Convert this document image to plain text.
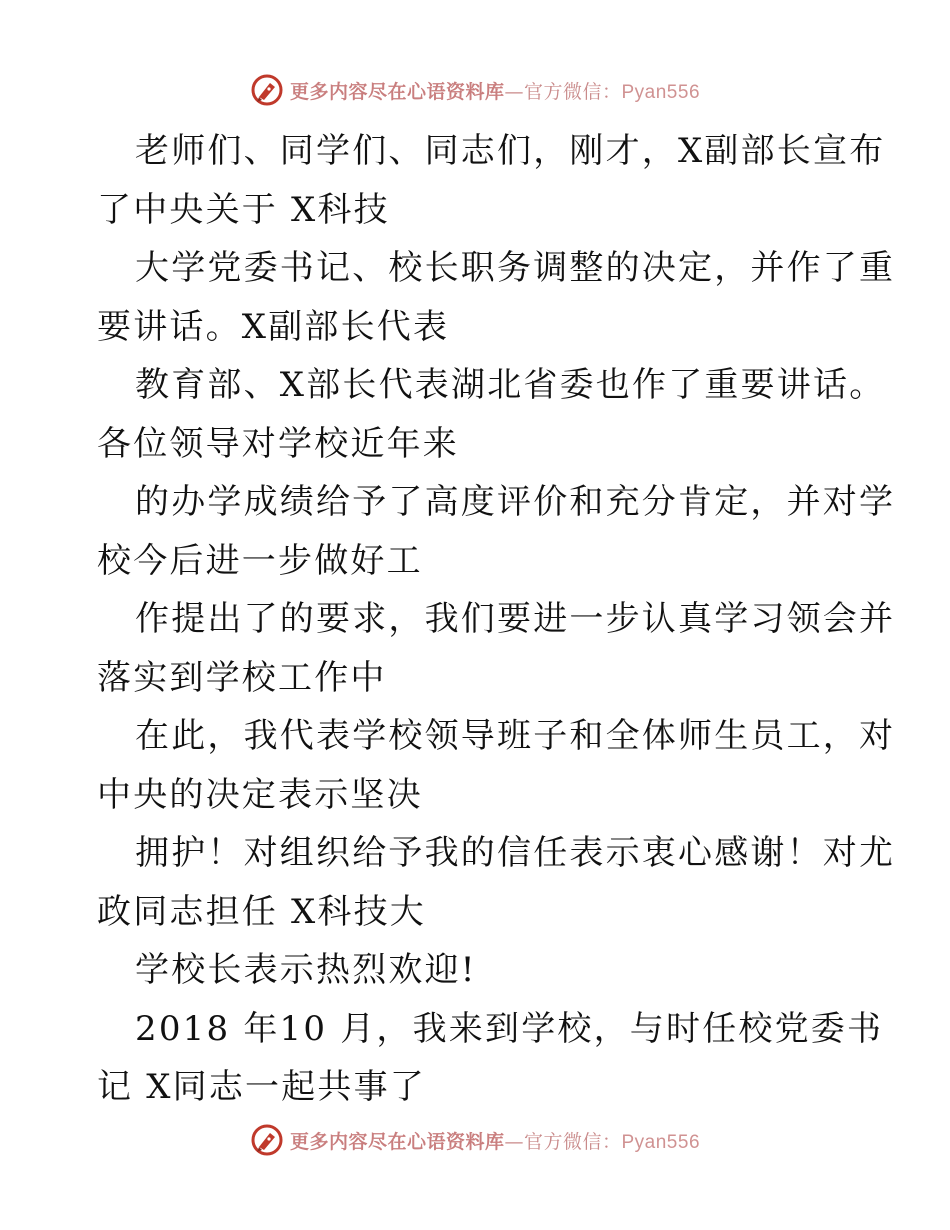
更多内容尽在心语资料库—官方微信：Pyan556
老师们、同学们、同志们，刚才，X副部长宣布
了中央关于 X科技
大学党委书记、校长职务调整的决定，并作了重
要讲话。X副部长代表
教育部、X部长代表湖北省委也作了重要讲话。
各位领导对学校近年来
的办学成绩给予了高度评价和充分肯定，并对学
校今后进一步做好工
作提出了的要求，我们要进一步认真学习领会并
落实到学校工作中
在此，我代表学校领导班子和全体师生员工，对
中央的决定表示坚决
拥护！对组织给予我的信任表示衷心感谢！对尤
政同志担任 X科技大
学校长表示热烈欢迎!
2018 年10 月，我来到学校，与时任校党委书
记 X同志一起共事了
更多内容尽在心语资料库—官方微信：Pyan556
